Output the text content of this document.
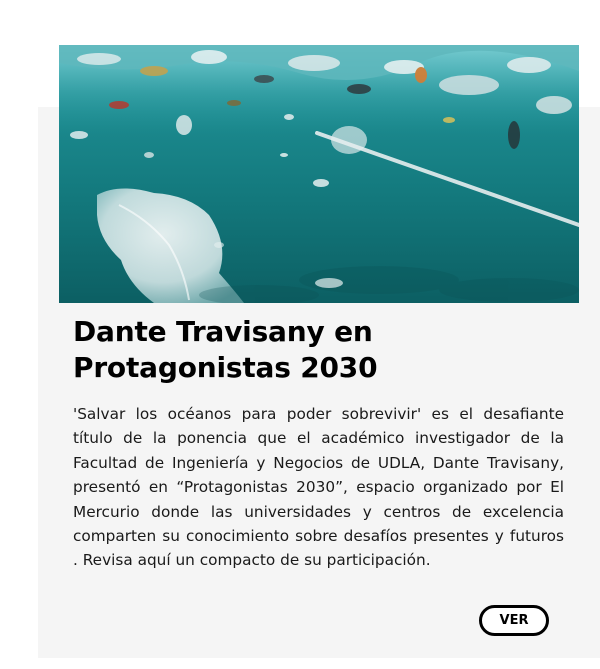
Dante Travisany en Protagonistas 2030

'Salvar los océanos para poder sobrevivir' es el desafiante título de la ponencia que el académico investigador de la Facultad de Ingeniería y Negocios de UDLA, Dante Travisany, presentó en “Protagonistas 2030”, espacio organizado por El Mercurio donde las universidades y centros de excelencia comparten su conocimiento sobre desafíos presentes y futuros . Revisa aquí un compacto de su participación.

VER
